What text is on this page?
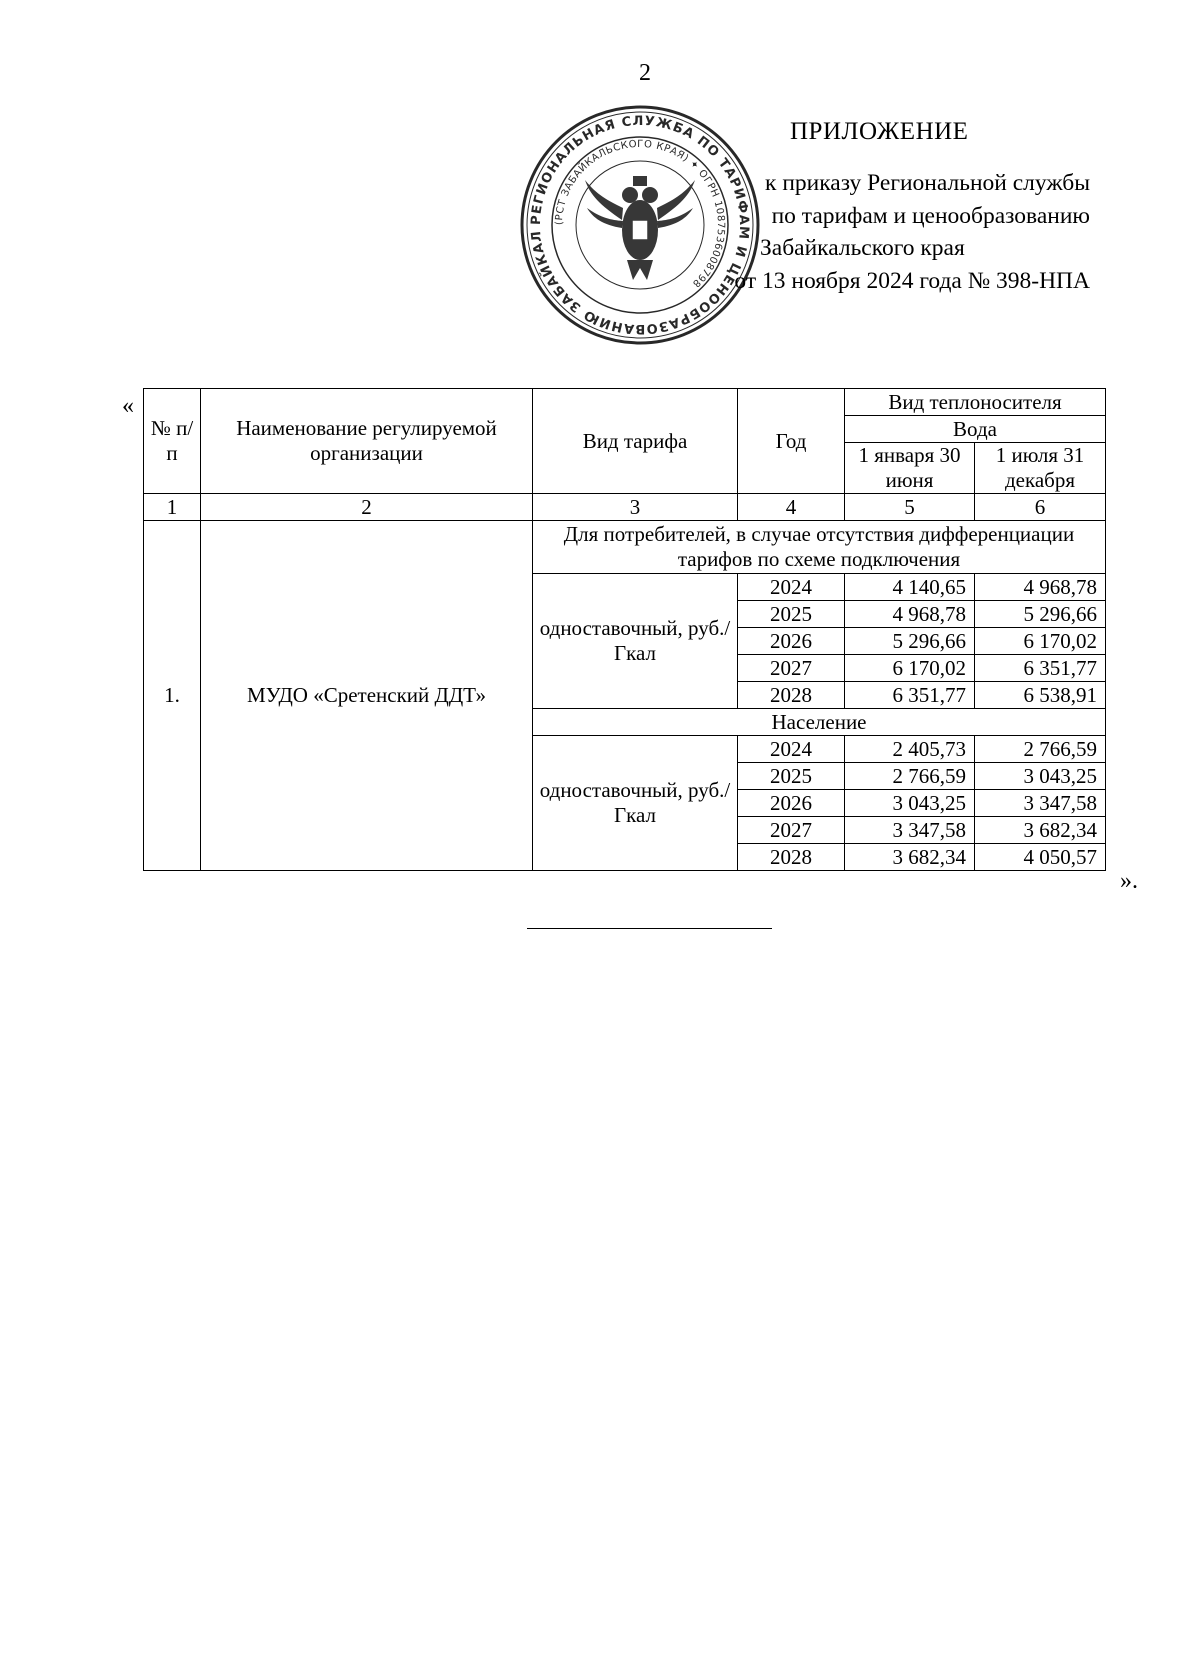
2
РЕГИОНАЛЬНАЯ СЛУЖБА ПО ТАРИФАМ И ЦЕНООБРАЗОВАНИЮ ЗАБАЙКАЛ
(РСТ ЗАБАЙКАЛЬСКОГО КРАЯ) ✦ ОГРН 1087536008798
ПРИЛОЖЕНИЕ
к приказу Региональной службы
по тарифам и ценообразованию
Забайкальского края
от 13 ноября 2024 года № 398-НПА
«
№ п/п	Наименование регулируемой организации	Вид тарифа	Год	Вид теплоносителя	
				Вода	
				1 января 30 июня	1 июля 31 декабря

1	2	3	4	5	6
1.	МУДО «Сретенский ДДТ»	Для потребителей, в случае отсутствия дифференциации тарифов по схеме подключения			
		одноставочный, руб./Гкал	2024	4 140,65	4 968,78
			2025	4 968,78	5 296,66
			2026	5 296,66	6 170,02
			2027	6 170,02	6 351,77
			2028	6 351,77	6 538,91
		Население			
		одноставочный, руб./Гкал	2024	2 405,73	2 766,59
			2025	2 766,59	3 043,25
			2026	3 043,25	3 347,58
			2027	3 347,58	3 682,34
			2028	3 682,34	4 050,57
».
